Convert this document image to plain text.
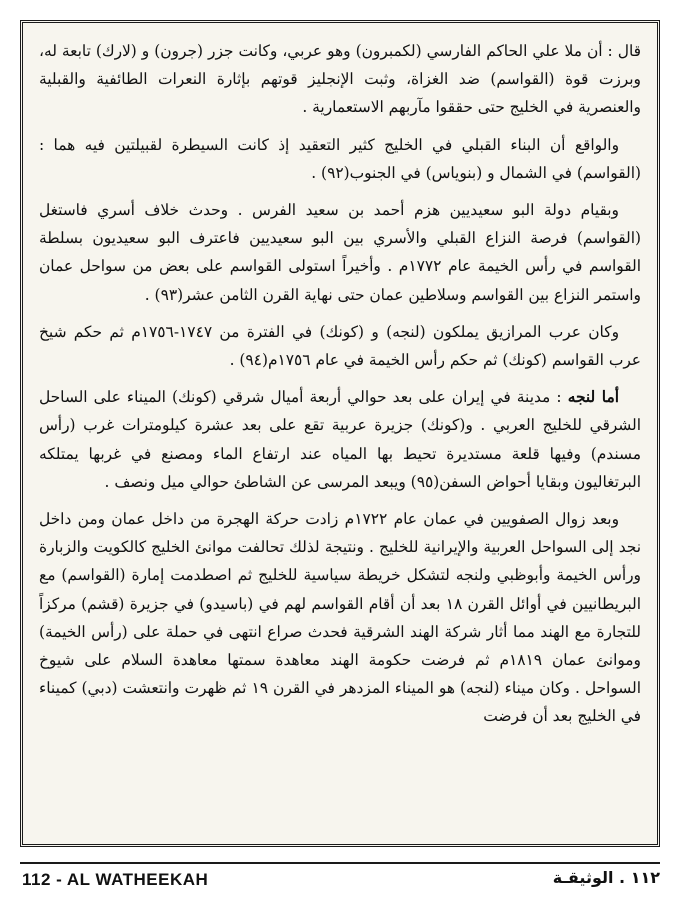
قال : أن ملا علي الحاكم الفارسي (لكمبرون) وهو عربي، وكانت جزر (جرون) و (لارك) تابعة له، وبرزت قوة (القواسم) ضد الغزاة، وثبت الإنجليز قوتهم بإثارة النعرات الطائفية والقبلية والعنصرية في الخليج حتى حققوا مآربهم الاستعمارية .

والواقع أن البناء القبلي في الخليج كثير التعقيد إذ كانت السيطرة لقبيلتين فيه هما : (القواسم) في الشمال و (بنوياس) في الجنوب(٩٢) .

وبقيام دولة البو سعيديين هزم أحمد بن سعيد الفرس . وحدث خلاف أسري فاستغل (القواسم) فرصة النزاع القبلي والأسري بين البو سعيديين فاعترف البو سعيديون بسلطة القواسم في رأس الخيمة عام ١٧٧٢م . وأخيراً استولى القواسم على بعض من سواحل عمان واستمر النزاع بين القواسم وسلاطين عمان حتى نهاية القرن الثامن عشر(٩٣) .

وكان عرب المرازيق يملكون (لنجه) و (كونك) في الفترة من ١٧٤٧-١٧٥٦م ثم حكم شيخ عرب القواسم (كونك) ثم حكم رأس الخيمة في عام ١٧٥٦م(٩٤) .

أما لنجه : مدينة في إيران على بعد حوالي أربعة أميال شرقي (كونك) الميناء على الساحل الشرقي للخليج العربي . و(كونك) جزيرة عربية تقع على بعد عشرة كيلومترات غرب (رأس مسندم) وفيها قلعة مستديرة تحيط بها المياه عند ارتفاع الماء ومصنع في غربها يمتلكه البرتغاليون وبقايا أحواض السفن(٩٥) ويبعد المرسى عن الشاطئ حوالي ميل ونصف .

وبعد زوال الصفويين في عمان عام ١٧٢٢م زادت حركة الهجرة من داخل عمان ومن داخل نجد إلى السواحل العربية والإيرانية للخليج . ونتيجة لذلك تحالفت موانئ الخليج كالكويت والزبارة ورأس الخيمة وأبوظبي ولنجه لتشكل خريطة سياسية للخليج ثم اصطدمت إمارة (القواسم) مع البريطانيين في أوائل القرن ١٨ بعد أن أقام القواسم لهم في (باسيدو) في جزيرة (قشم) مركزاً للتجارة مع الهند مما أثار شركة الهند الشرقية فحدث صراع انتهى في حملة على (رأس الخيمة) وموانئ عمان ١٨١٩م ثم فرضت حكومة الهند معاهدة سمتها معاهدة السلام على شيوخ السواحل . وكان ميناء (لنجه) هو الميناء المزدهر في القرن ١٩ ثم ظهرت وانتعشت (دبي) كميناء في الخليج بعد أن فرضت

112 - AL WATHEEKAH	١١٢ . الوثيقـة
